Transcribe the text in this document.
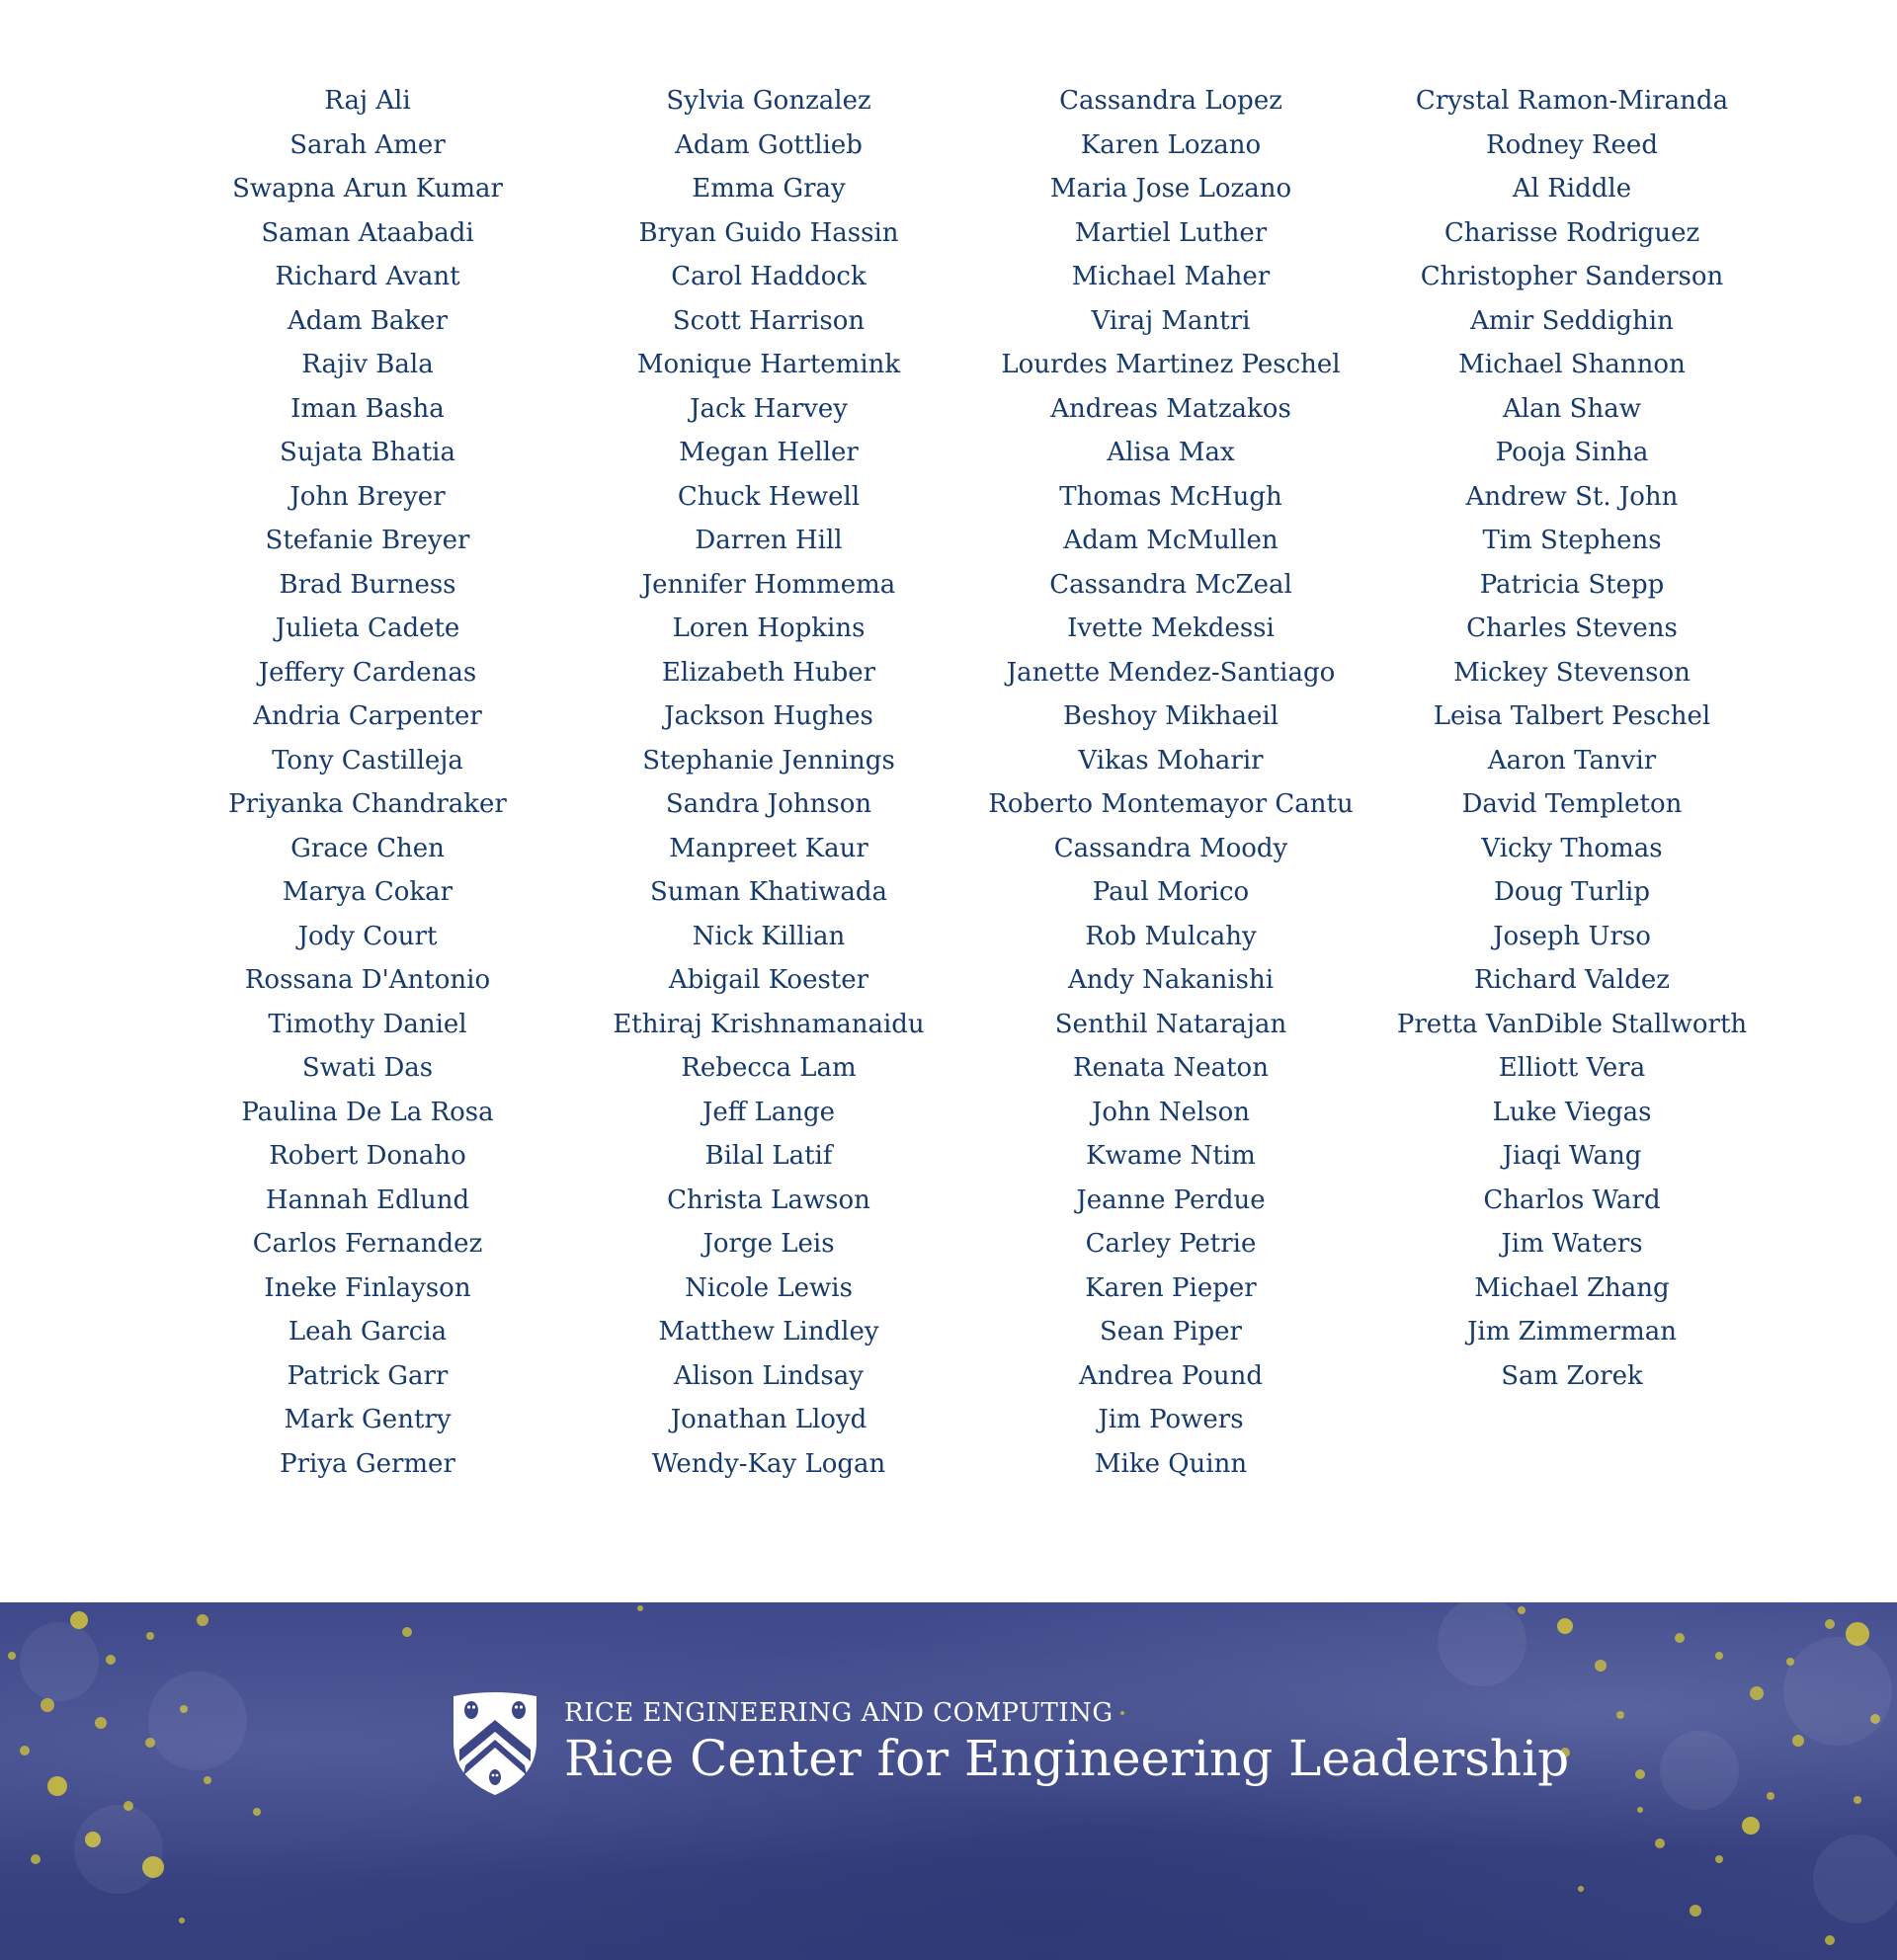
Raj Ali
Sarah Amer
Swapna Arun Kumar
Saman Ataabadi
Richard Avant
Adam Baker
Rajiv Bala
Iman Basha
Sujata Bhatia
John Breyer
Stefanie Breyer
Brad Burness
Julieta Cadete
Jeffery Cardenas
Andria Carpenter
Tony Castilleja
Priyanka Chandraker
Grace Chen
Marya Cokar
Jody Court
Rossana D'Antonio
Timothy Daniel
Swati Das
Paulina De La Rosa
Robert Donaho
Hannah Edlund
Carlos Fernandez
Ineke Finlayson
Leah Garcia
Patrick Garr
Mark Gentry
Priya Germer
Sylvia Gonzalez
Adam Gottlieb
Emma Gray
Bryan Guido Hassin
Carol Haddock
Scott Harrison
Monique Hartemink
Jack Harvey
Megan Heller
Chuck Hewell
Darren Hill
Jennifer Hommema
Loren Hopkins
Elizabeth Huber
Jackson Hughes
Stephanie Jennings
Sandra Johnson
Manpreet Kaur
Suman Khatiwada
Nick Killian
Abigail Koester
Ethiraj Krishnamanaidu
Rebecca Lam
Jeff Lange
Bilal Latif
Christa Lawson
Jorge Leis
Nicole Lewis
Matthew Lindley
Alison Lindsay
Jonathan Lloyd
Wendy-Kay Logan
Cassandra Lopez
Karen Lozano
Maria Jose Lozano
Martiel Luther
Michael Maher
Viraj Mantri
Lourdes Martinez Peschel
Andreas Matzakos
Alisa Max
Thomas McHugh
Adam McMullen
Cassandra McZeal
Ivette Mekdessi
Janette Mendez-Santiago
Beshoy Mikhaeil
Vikas Moharir
Roberto Montemayor Cantu
Cassandra Moody
Paul Morico
Rob Mulcahy
Andy Nakanishi
Senthil Natarajan
Renata Neaton
John Nelson
Kwame Ntim
Jeanne Perdue
Carley Petrie
Karen Pieper
Sean Piper
Andrea Pound
Jim Powers
Mike Quinn
Crystal Ramon-Miranda
Rodney Reed
Al Riddle
Charisse Rodriguez
Christopher Sanderson
Amir Seddighin
Michael Shannon
Alan Shaw
Pooja Sinha
Andrew St. John
Tim Stephens
Patricia Stepp
Charles Stevens
Mickey Stevenson
Leisa Talbert Peschel
Aaron Tanvir
David Templeton
Vicky Thomas
Doug Turlip
Joseph Urso
Richard Valdez
Pretta VanDible Stallworth
Elliott Vera
Luke Viegas
Jiaqi Wang
Charlos Ward
Jim Waters
Michael Zhang
Jim Zimmerman
Sam Zorek
RICE ENGINEERING AND COMPUTING
Rice Center for Engineering Leadership
